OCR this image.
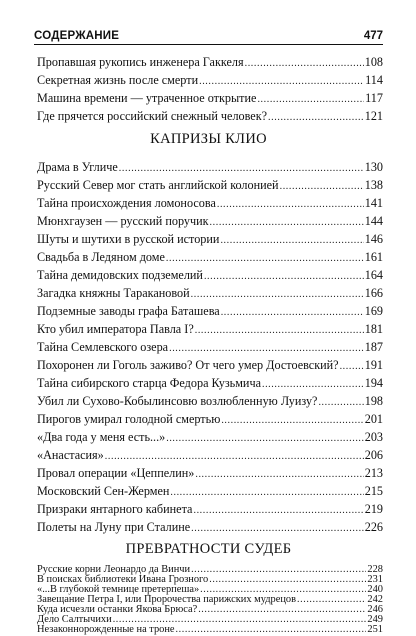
СОДЕРЖАНИЕ	477
Пропавшая рукопись инженера Гаккеля .....	108
Секретная жизнь после смерти .....	114
Машина времени — утраченное открытие .....	117
Где прячется российский снежный человек? .....	121
КАПРИЗЫ КЛИО
Драма в Угличе .....	130
Русский Север мог стать английской колонией .....	138
Тайна происхождения ломоносова .....	141
Мюнхгаузен — русский поручик .....	144
Шуты и шутихи в русской истории .....	146
Свадьба в Ледяном доме .....	161
Тайна демидовских подземелий .....	164
Загадка княжны Таракановой .....	166
Подземные заводы графа Баташева .....	169
Кто убил императора Павла I? .....	181
Тайна Семлевского озера .....	187
Похоронен ли Гоголь заживо? От чего умер Достоевский? ..... 191
Тайна сибирского старца Федора Кузьмича .....	194
Убил ли Сухово-Кобылинсовю возлюбленную Луизу? .....	198
Пирогов умирал голодной смертью .....	201
«Два года у меня есть...» .....	203
«Анастасия» .....	206
Провал операции «Цеппелин» .....	213
Московский Сен-Жермен .....	215
Призраки янтарного кабинета .....	219
Полеты на Луну при Сталине .....	226
ПРЕВРАТНОСТИ СУДЕБ
Русские корни Леонардо да Винчи .....	228
В поисках библиотеки Ивана Грозного .....	231
«...В глубокой темнице претерпеша» .....	240
Завещание Петра I, или Пророчества парижских мудрецов .....	242
Куда исчезли останки Якова Брюса? .....	246
Дело Салтычихи .....	249
Незаконнорожденные на троне .....	251
